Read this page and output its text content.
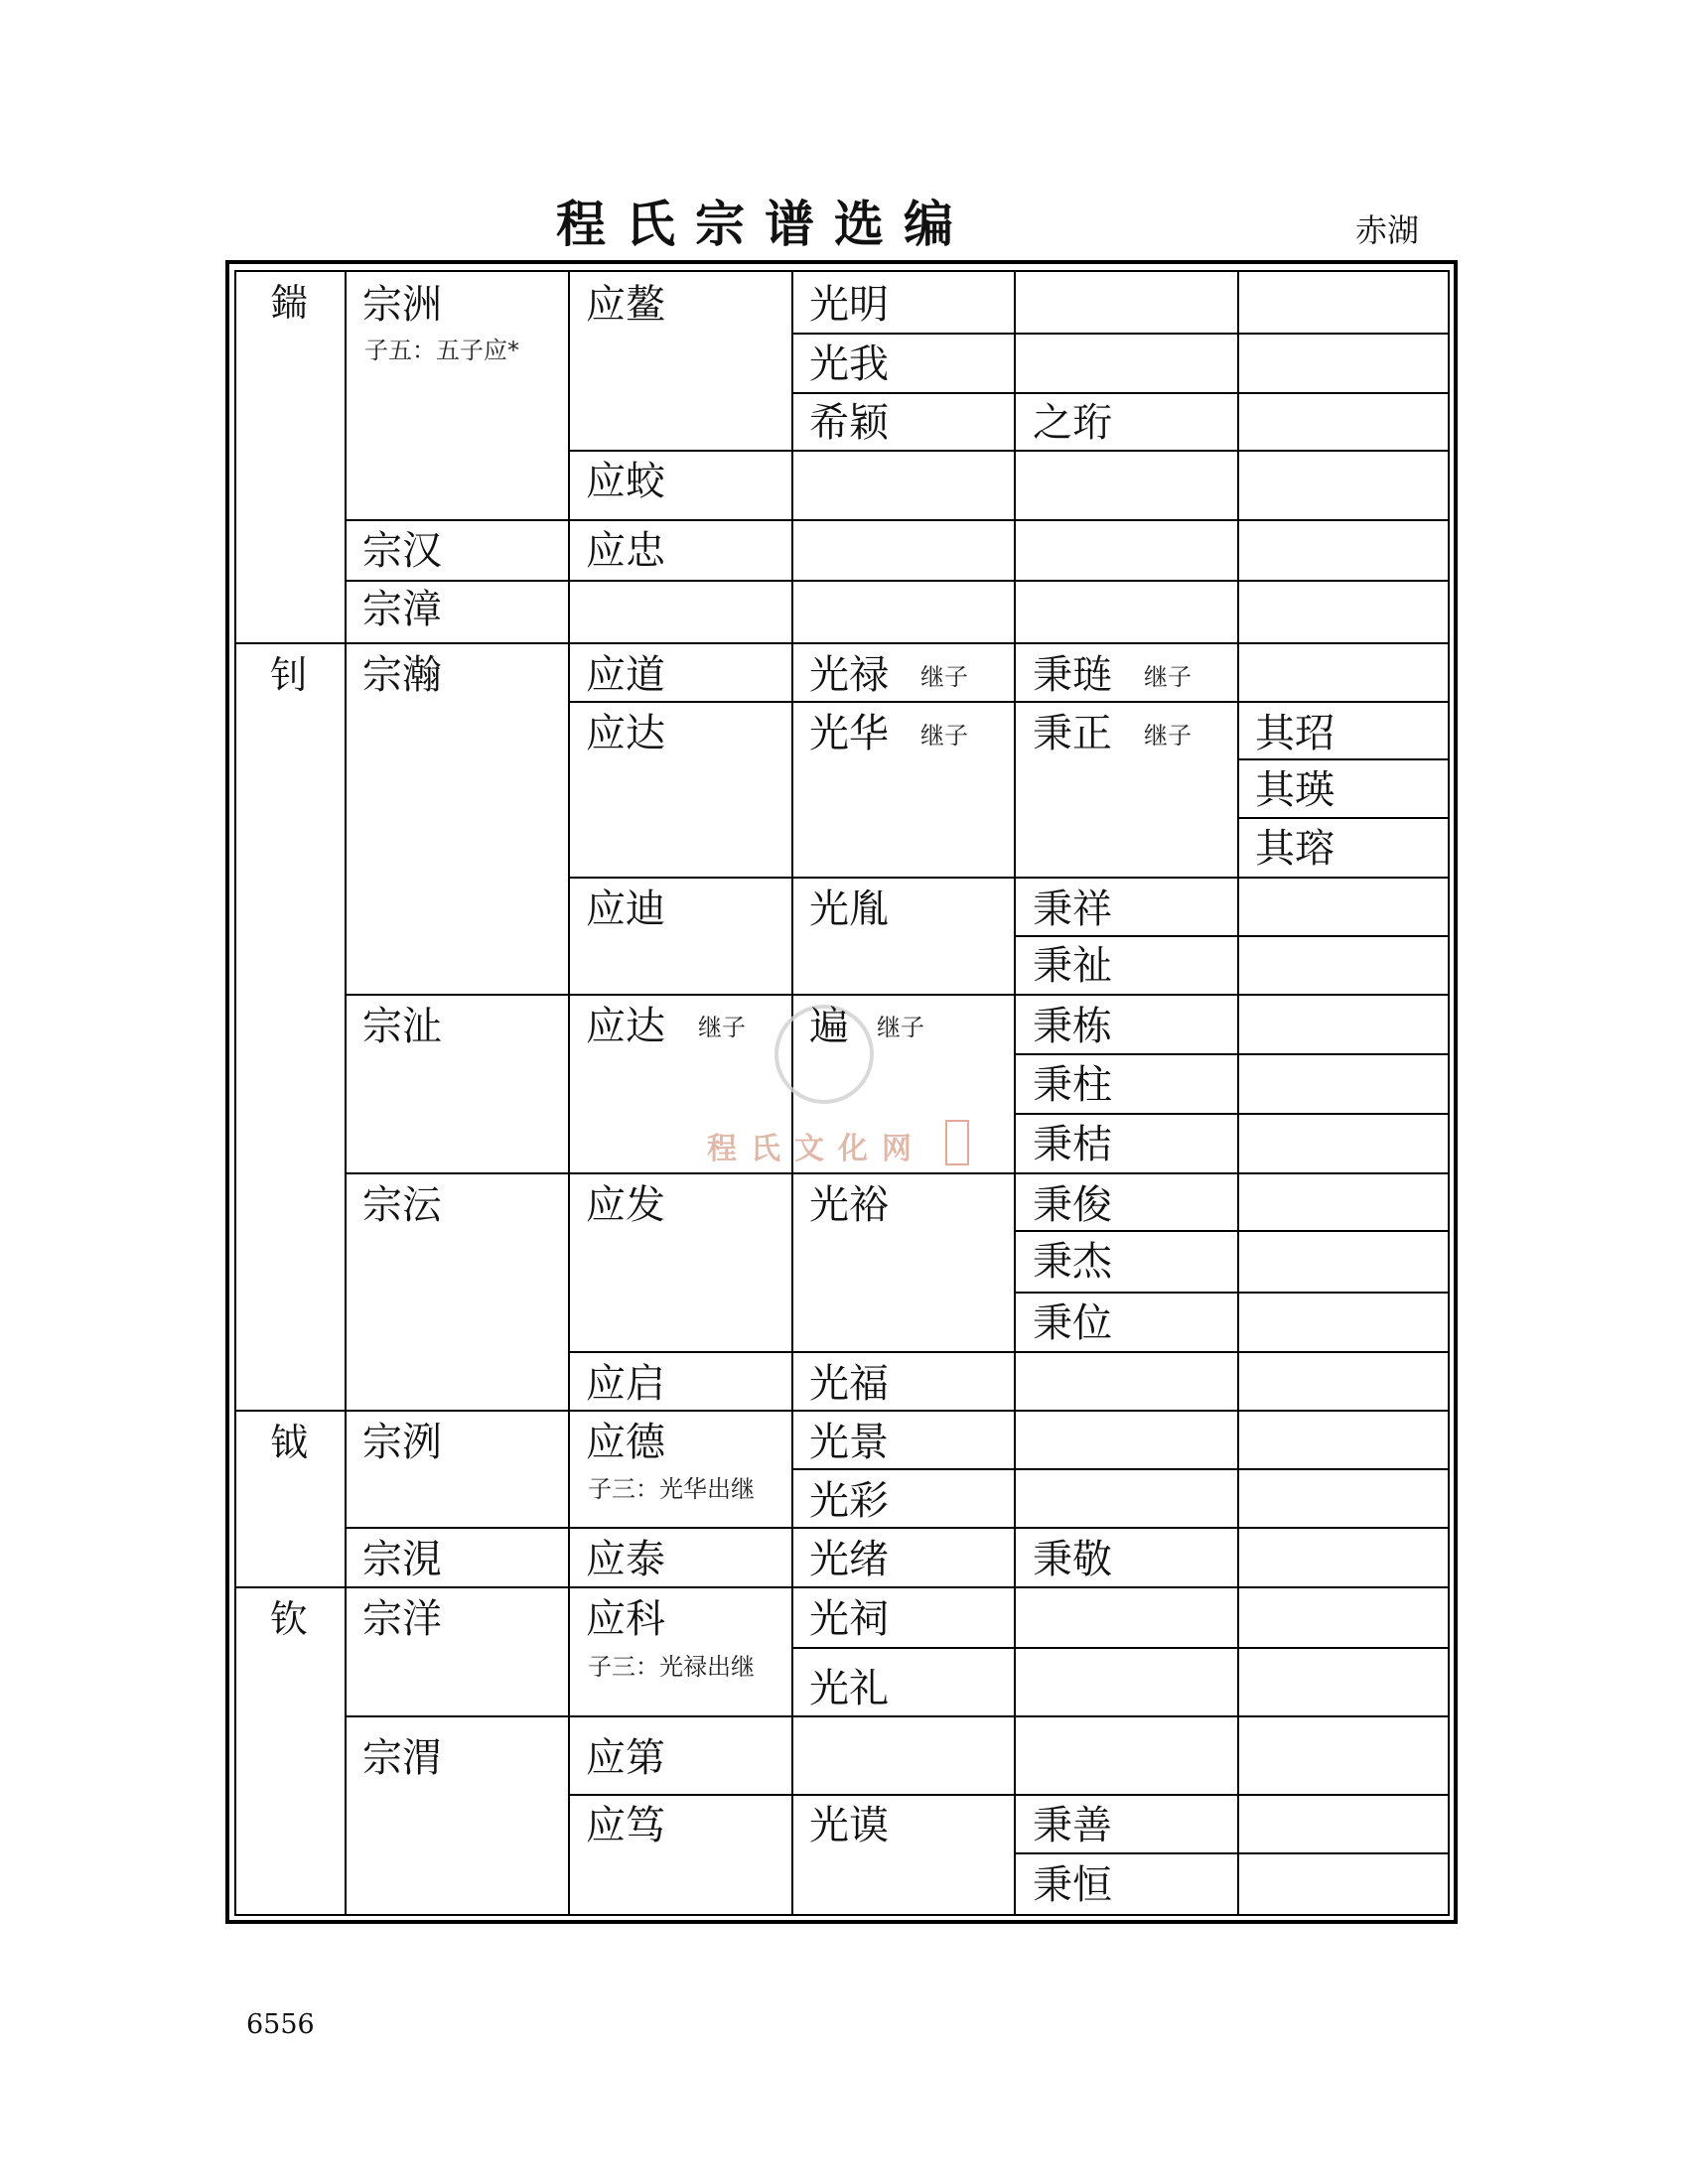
程氏宗谱选编	赤湖
程氏文化网
鍴
钊
钺
钦
宗洲
子五：五子应*
宗汉
宗漳
宗瀚
宗沚
宗沄
宗洌
宗涀
宗洋
宗渭
应鳌
应蛟
应忠
应道
应达
应迪
应达 继子
应发
应启
应德
子三：光华出继
应泰
应科
子三：光禄出继
应第
应笃
光明
光我
希颖
光禄 继子
光华 继子
光胤
遍 继子
光裕
光福
光景
光彩
光绪
光祠
光礼
光谟
之珩
秉琏 继子
秉正 继子
秉祥
秉祉
秉栋
秉柱
秉桔
秉俊
秉杰
秉位
秉敬
秉善
秉恒
其玿
其瑛
其瑢
6556
